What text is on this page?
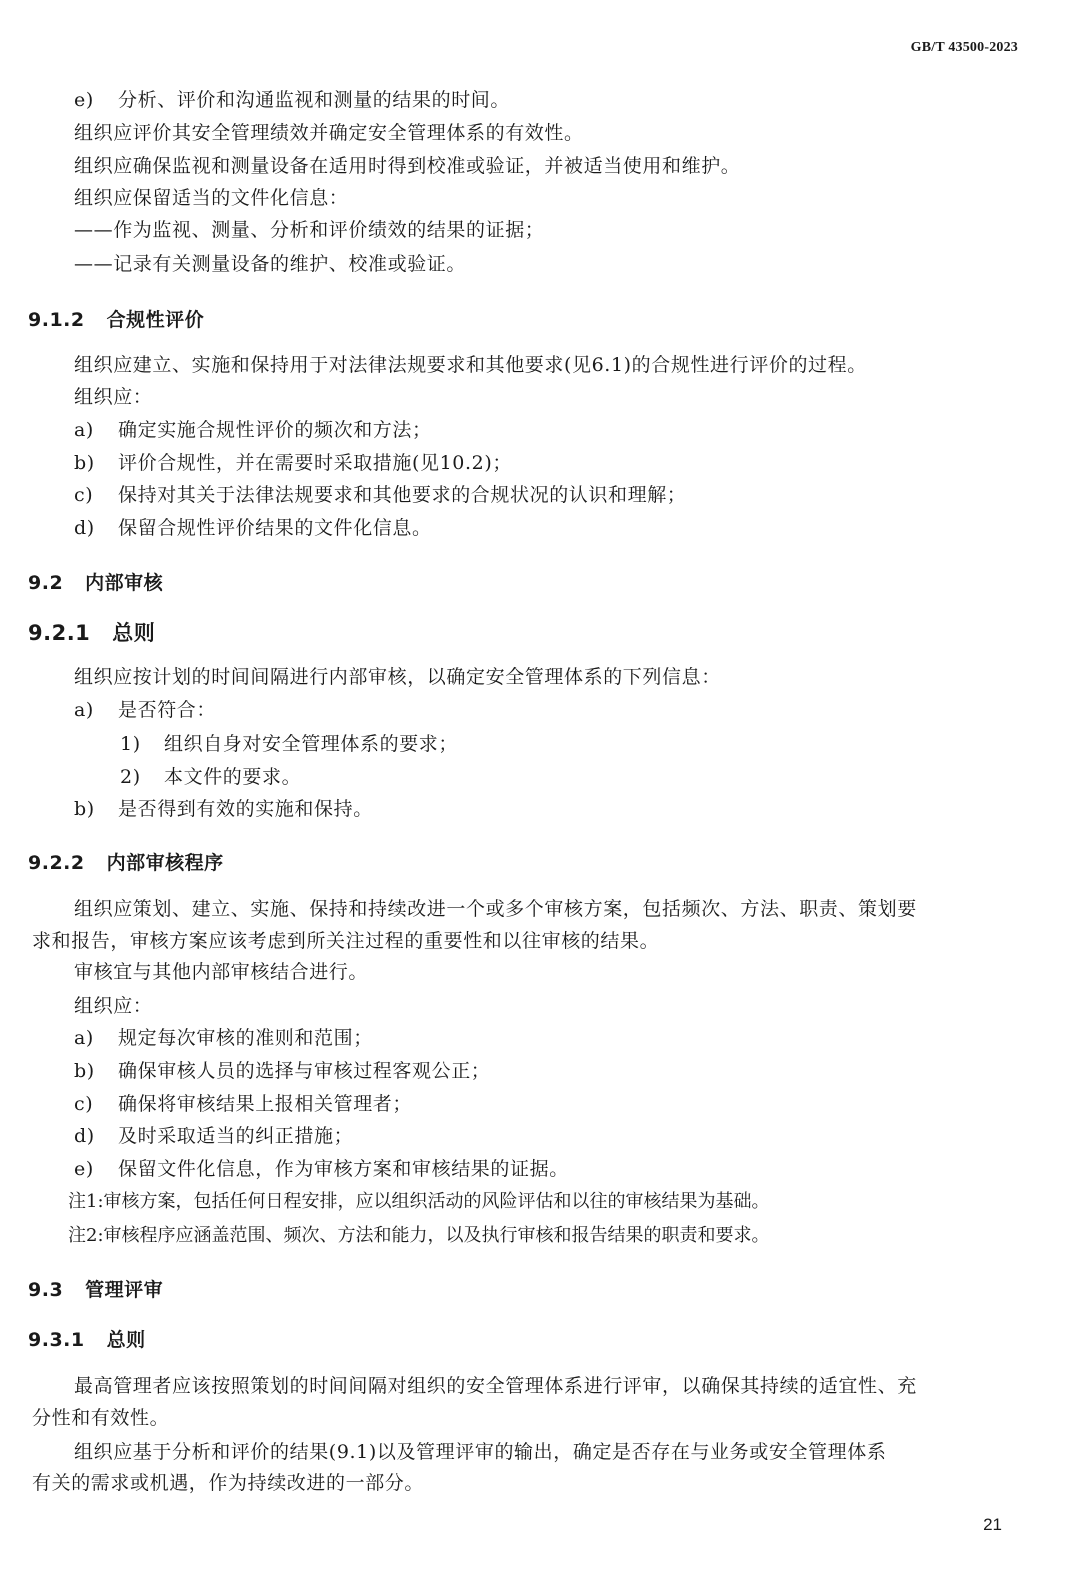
GB/T 43500-2023
e) 分析、评价和沟通监视和测量的结果的时间。
组织应评价其安全管理绩效并确定安全管理体系的有效性。
组织应确保监视和测量设备在适用时得到校准或验证，并被适当使用和维护。
组织应保留适当的文件化信息：
——作为监视、测量、分析和评价绩效的结果的证据；
——记录有关测量设备的维护、校准或验证。
9.1.2 合规性评价
组织应建立、实施和保持用于对法律法规要求和其他要求(见6.1)的合规性进行评价的过程。
组织应：
a) 确定实施合规性评价的频次和方法；
b) 评价合规性，并在需要时采取措施(见10.2)；
c) 保持对其关于法律法规要求和其他要求的合规状况的认识和理解；
d) 保留合规性评价结果的文件化信息。
9.2 内部审核
9.2.1 总则
组织应按计划的时间间隔进行内部审核，以确定安全管理体系的下列信息：
a) 是否符合：
1) 组织自身对安全管理体系的要求；
2) 本文件的要求。
b) 是否得到有效的实施和保持。
9.2.2 内部审核程序
组织应策划、建立、实施、保持和持续改进一个或多个审核方案，包括频次、方法、职责、策划要
求和报告，审核方案应该考虑到所关注过程的重要性和以往审核的结果。
审核宜与其他内部审核结合进行。
组织应：
a) 规定每次审核的准则和范围；
b) 确保审核人员的选择与审核过程客观公正；
c) 确保将审核结果上报相关管理者；
d) 及时采取适当的纠正措施；
e) 保留文件化信息，作为审核方案和审核结果的证据。
注1:审核方案，包括任何日程安排，应以组织活动的风险评估和以往的审核结果为基础。
注2:审核程序应涵盖范围、频次、方法和能力，以及执行审核和报告结果的职责和要求。
9.3 管理评审
9.3.1 总则
最高管理者应该按照策划的时间间隔对组织的安全管理体系进行评审，以确保其持续的适宜性、充
分性和有效性。
组织应基于分析和评价的结果(9.1)以及管理评审的输出，确定是否存在与业务或安全管理体系
有关的需求或机遇，作为持续改进的一部分。
21
